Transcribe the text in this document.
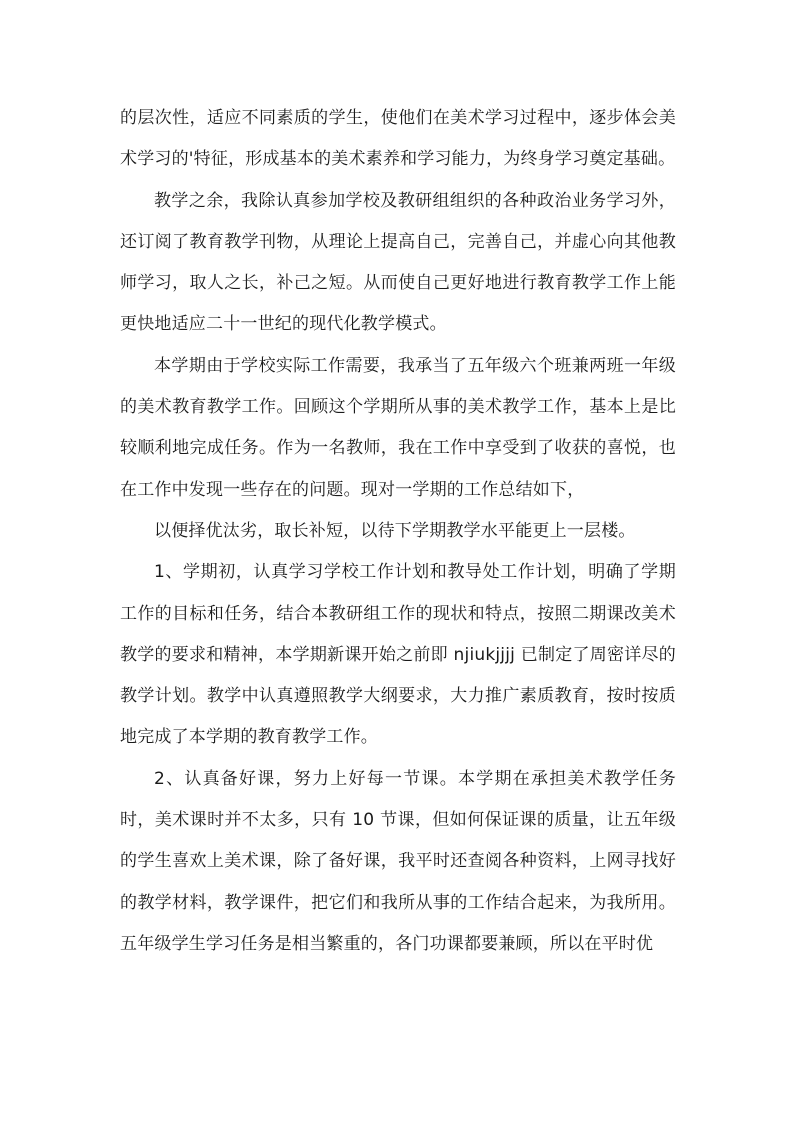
的层次性，适应不同素质的学生，使他们在美术学习过程中，逐步体会美术学习的'特征，形成基本的美术素养和学习能力，为终身学习奠定基础。

教学之余，我除认真参加学校及教研组组织的各种政治业务学习外，还订阅了教育教学刊物，从理论上提高自己，完善自己，并虚心向其他教师学习，取人之长，补己之短。从而使自己更好地进行教育教学工作上能更快地适应二十一世纪的现代化教学模式。

本学期由于学校实际工作需要，我承当了五年级六个班兼两班一年级的美术教育教学工作。回顾这个学期所从事的美术教学工作，基本上是比较顺利地完成任务。作为一名教师，我在工作中享受到了收获的喜悦，也在工作中发现一些存在的问题。现对一学期的工作总结如下，

以便择优汰劣，取长补短，以待下学期教学水平能更上一层楼。

1、学期初，认真学习学校工作计划和教导处工作计划，明确了学期工作的目标和任务，结合本教研组工作的现状和特点，按照二期课改美术教学的要求和精神，本学期新课开始之前即 njiukjjjj 已制定了周密详尽的教学计划。教学中认真遵照教学大纲要求，大力推广素质教育，按时按质地完成了本学期的教育教学工作。

2、认真备好课，努力上好每一节课。本学期在承担美术教学任务时，美术课时并不太多，只有 10 节课，但如何保证课的质量，让五年级的学生喜欢上美术课，除了备好课，我平时还查阅各种资料，上网寻找好的教学材料，教学课件，把它们和我所从事的工作结合起来，为我所用。五年级学生学习任务是相当繁重的，各门功课都要兼顾，所以在平时优
